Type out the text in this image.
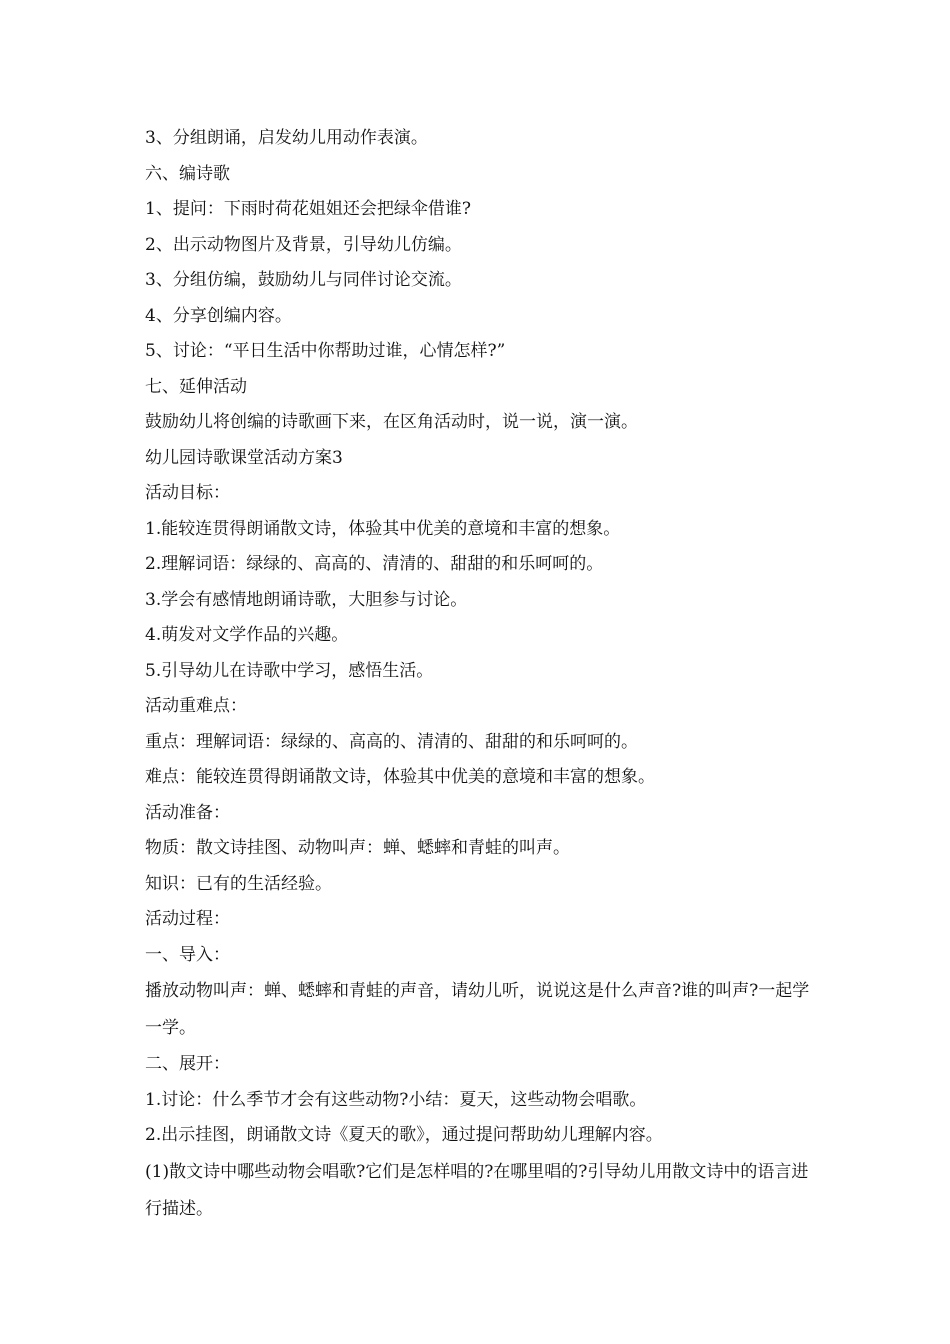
3、分组朗诵，启发幼儿用动作表演。

六、编诗歌

1、提问：下雨时荷花姐姐还会把绿伞借谁?

2、出示动物图片及背景，引导幼儿仿编。

3、分组仿编，鼓励幼儿与同伴讨论交流。

4、分享创编内容。

5、讨论：“平日生活中你帮助过谁，心情怎样?”

七、延伸活动

鼓励幼儿将创编的诗歌画下来，在区角活动时，说一说，演一演。

幼儿园诗歌课堂活动方案3

活动目标：

1.能较连贯得朗诵散文诗，体验其中优美的意境和丰富的想象。

2.理解词语：绿绿的、高高的、清清的、甜甜的和乐呵呵的。

3.学会有感情地朗诵诗歌，大胆参与讨论。

4.萌发对文学作品的兴趣。

5.引导幼儿在诗歌中学习，感悟生活。

活动重难点：

重点：理解词语：绿绿的、高高的、清清的、甜甜的和乐呵呵的。

难点：能较连贯得朗诵散文诗，体验其中优美的意境和丰富的想象。

活动准备：

物质：散文诗挂图、动物叫声：蝉、蟋蟀和青蛙的叫声。

知识：已有的生活经验。

活动过程：

一、导入：

播放动物叫声：蝉、蟋蟀和青蛙的声音，请幼儿听，说说这是什么声音?谁的叫声?一起学一学。

二、展开：

1.讨论：什么季节才会有这些动物?小结：夏天，这些动物会唱歌。

2.出示挂图，朗诵散文诗《夏天的歌》，通过提问帮助幼儿理解内容。

(1)散文诗中哪些动物会唱歌?它们是怎样唱的?在哪里唱的?引导幼儿用散文诗中的语言进行描述。
